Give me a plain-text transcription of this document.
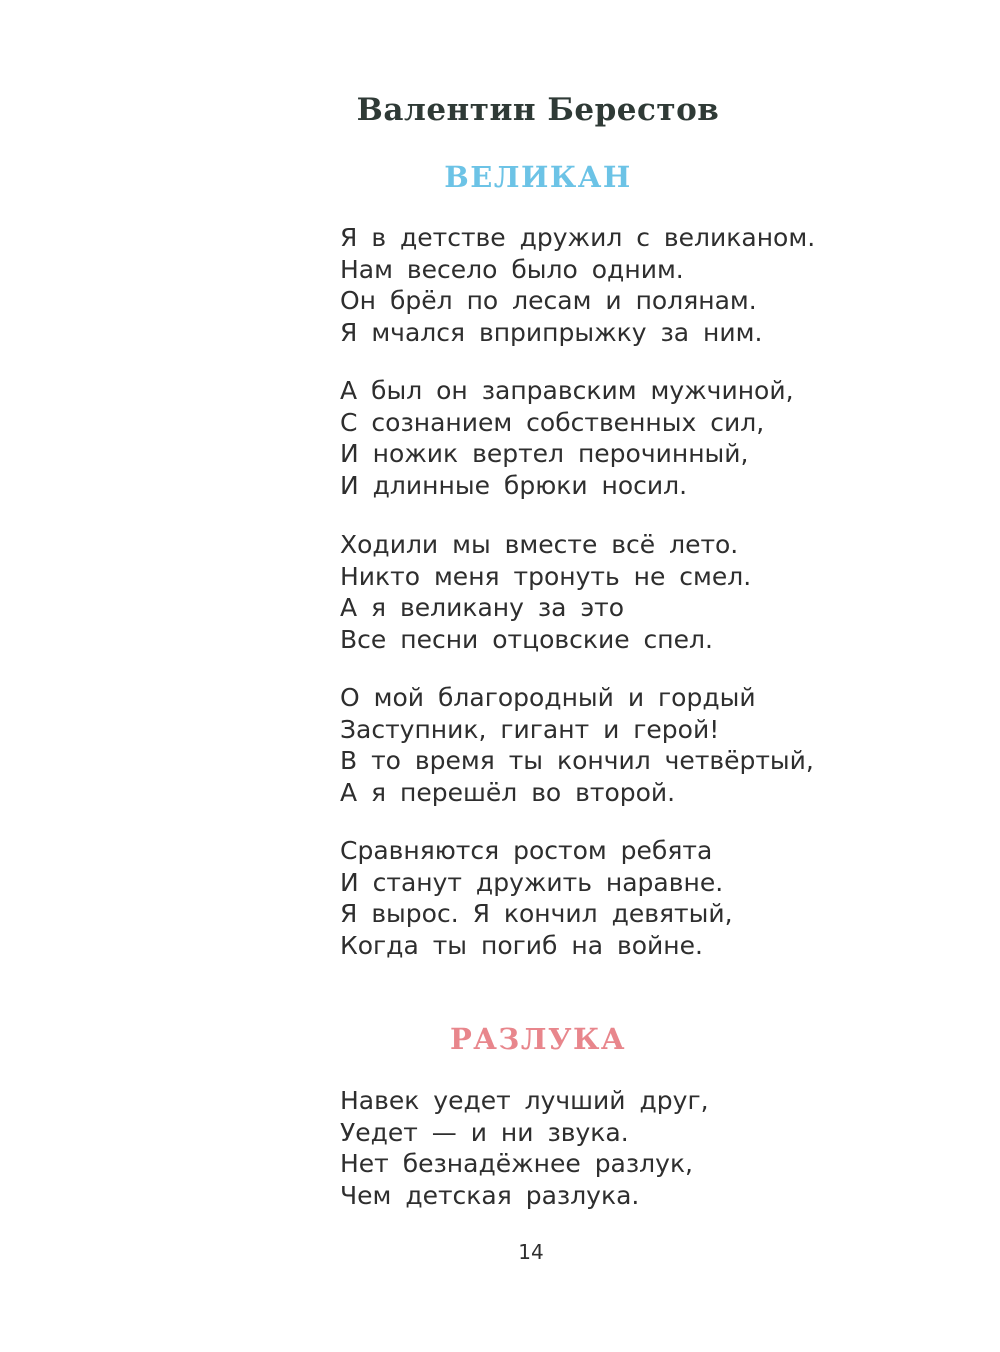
Валентин Берестов
ВЕЛИКАН
Я в детстве дружил с великаном.
Нам весело было одним.
Он брёл по лесам и полянам.
Я мчался вприпрыжку за ним.
А был он заправским мужчиной,
С сознанием собственных сил,
И ножик вертел перочинный,
И длинные брюки носил.
Ходили мы вместе всё лето.
Никто меня тронуть не смел.
А я великану за это
Все песни отцовские спел.
О мой благородный и гордый
Заступник, гигант и герой!
В то время ты кончил четвёртый,
А я перешёл во второй.
Сравняются ростом ребята
И станут дружить наравне.
Я вырос. Я кончил девятый,
Когда ты погиб на войне.
РАЗЛУКА
Навек уедет лучший друг,
Уедет — и ни звука.
Нет безнадёжнее разлук,
Чем детская разлука.
14
